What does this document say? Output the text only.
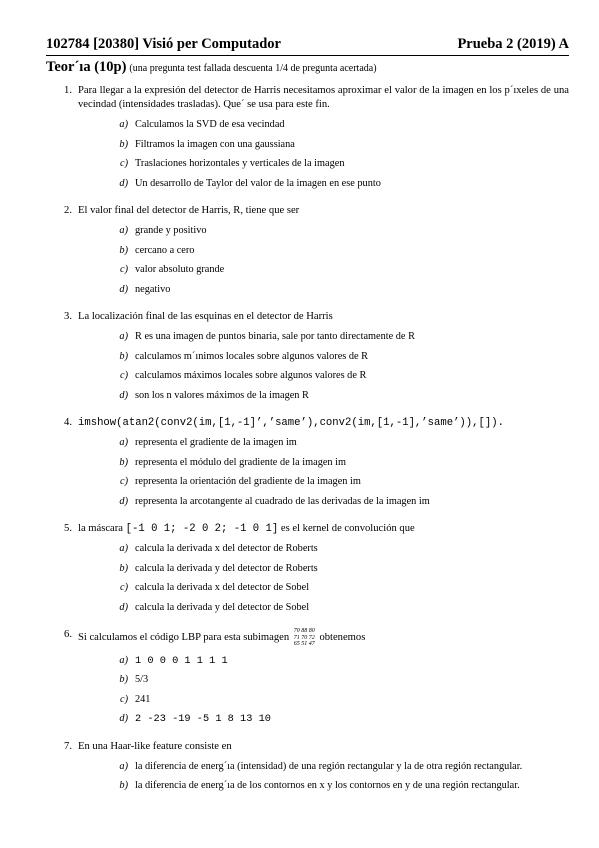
102784 [20380] Visió per Computador	Prueba 2 (2019) A
Teor´ıa (10p) (una pregunta test fallada descuenta 1/4 de pregunta acertada)
1. Para llegar a la expresión del detector de Harris necesitamos aproximar el valor de la imagen en los p´ıxeles de una vecindad (intensidades trasladas). Que´ se usa para este fin.
a) Calculamos la SVD de esa vecindad
b) Filtramos la imagen con una gaussiana
c) Traslaciones horizontales y verticales de la imagen
d) Un desarrollo de Taylor del valor de la imagen en ese punto
2. El valor final del detector de Harris, R, tiene que ser
a) grande y positivo
b) cercano a cero
c) valor absoluto grande
d) negativo
3. La localización final de las esquinas en el detector de Harris
a) R es una imagen de puntos binaria, sale por tanto directamente de R
b) calculamos m´ınimos locales sobre algunos valores de R
c) calculamos máximos locales sobre algunos valores de R
d) son los n valores máximos de la imagen R
4. imshow(atan2(conv2(im,[1,-1]’,’same’),conv2(im,[1,-1],’same’)),[]).
a) representa el gradiente de la imagen im
b) representa el módulo del gradiente de la imagen im
c) representa la orientación del gradiente de la imagen im
d) representa la arcotangente al cuadrado de las derivadas de la imagen im
5. la máscara [-1 0 1; -2 0 2; -1 0 1] es el kernel de convolución que
a) calcula la derivada x del detector de Roberts
b) calcula la derivada y del detector de Roberts
c) calcula la derivada x del detector de Sobel
d) calcula la derivada y del detector de Sobel
6. Si calculamos el código LBP para esta subimagen
70 88 80
71 70 72
65 51 47
obtenemos
a) 1 0 0 0 1 1 1 1
b) 5/3
c) 241
d) 2 -23 -19 -5 1 8 13 10
7. En una Haar-like feature consiste en
a) la diferencia de energ´ıa (intensidad) de una región rectangular y la de otra región rectangular.
b) la diferencia de energ´ıa de los contornos en x y los contornos en y de una región rectangular.
